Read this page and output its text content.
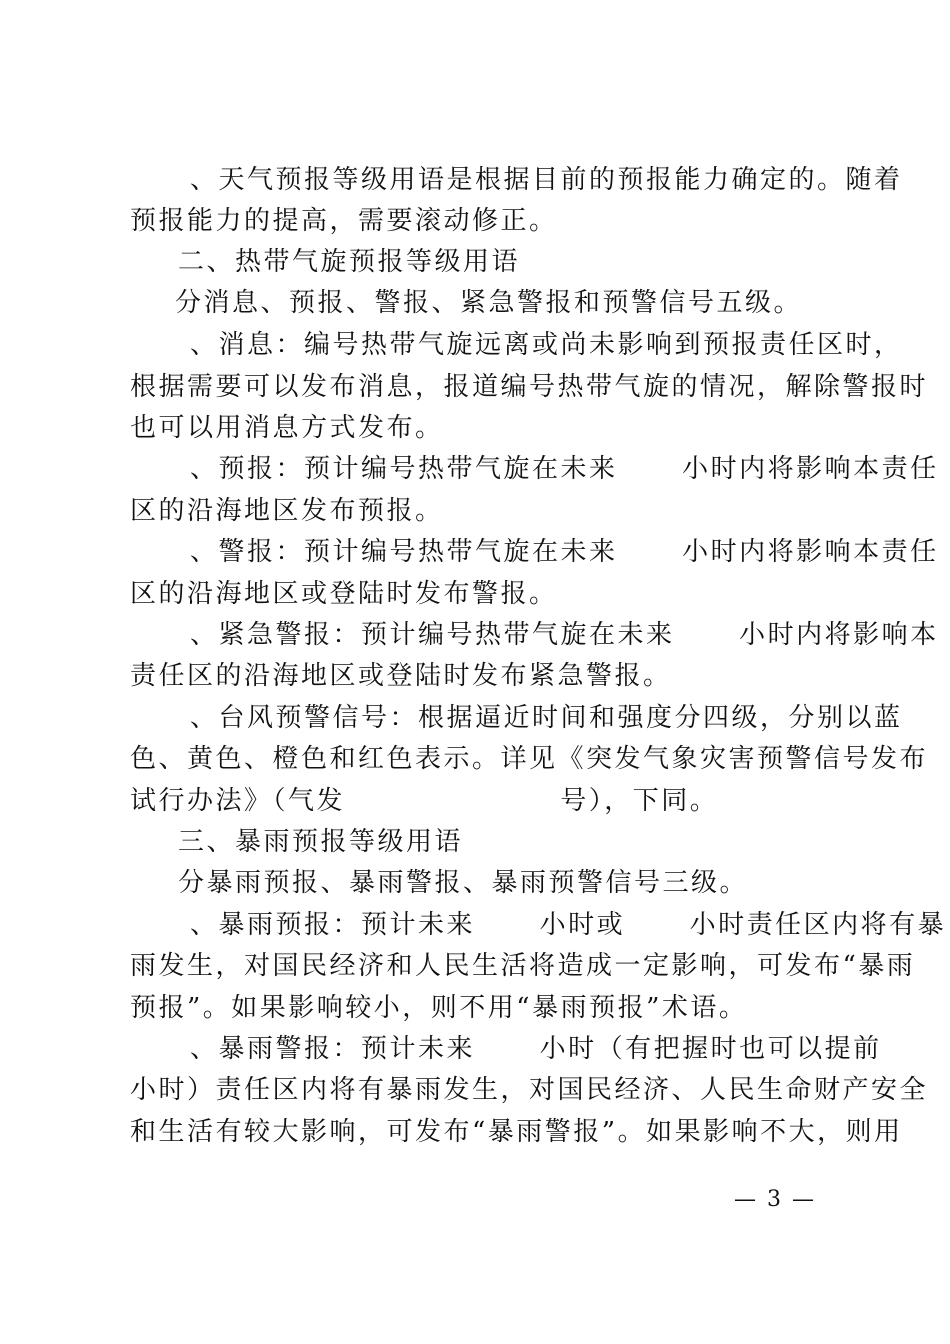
、天气预报等级用语是根据目前的预报能力确定的。随着
预报能力的提高，需要滚动修正。
二、热带气旋预报等级用语
分消息、预报、警报、紧急警报和预警信号五级。
、消息：编号热带气旋远离或尚未影响到预报责任区时，
根据需要可以发布消息，报道编号热带气旋的情况，解除警报时
也可以用消息方式发布。
、预报：预计编号热带气旋在未来      小时内将影响本责任
区的沿海地区发布预报。
、警报：预计编号热带气旋在未来      小时内将影响本责任
区的沿海地区或登陆时发布警报。
、紧急警报：预计编号热带气旋在未来      小时内将影响本
责任区的沿海地区或登陆时发布紧急警报。
、台风预警信号：根据逼近时间和强度分四级，分别以蓝
色、黄色、橙色和红色表示。详见《突发气象灾害预警信号发布
试行办法》（气发                    号），下同。
三、暴雨预报等级用语
分暴雨预报、暴雨警报、暴雨预警信号三级。
、暴雨预报：预计未来      小时或      小时责任区内将有暴
雨发生，对国民经济和人民生活将造成一定影响，可发布“暴雨
预报”。如果影响较小，则不用“暴雨预报”术语。
、暴雨警报：预计未来      小时（有把握时也可以提前
小时）责任区内将有暴雨发生，对国民经济、人民生命财产安全
和生活有较大影响，可发布“暴雨警报”。如果影响不大，则用
— 3 —
